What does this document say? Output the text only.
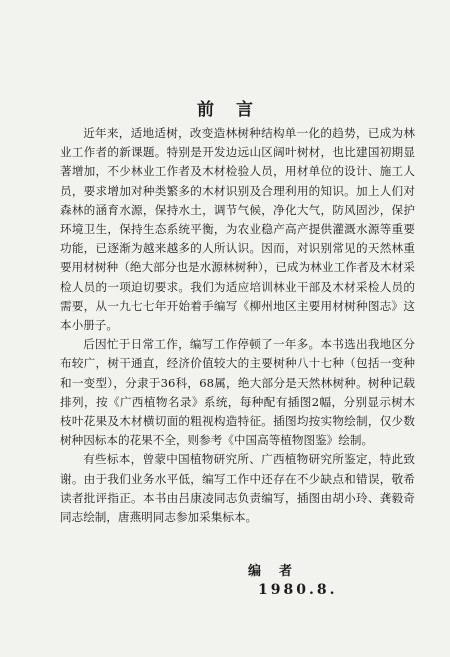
前言

近年来，适地适树，改变造林树种结构单一化的趋势，已成为林业工作者的新课题。特别是开发边远山区阔叶树材，也比建国初期显著增加，不少林业工作者及木材检验人员，用材单位的设计、施工人员，要求增加对种类繁多的木材识别及合理利用的知识。加上人们对森林的涵育水源，保持水土，调节气候，净化大气，防风固沙，保护环境卫生，保持生态系统平衡，为农业稳产高产提供灌溉水源等重要功能，已逐渐为越来越多的人所认识。因而，对识别常见的天然林重要用材树种（绝大部分也是水源林树种），已成为林业工作者及木材采检人员的一项迫切要求。我们为适应培训林业干部及木材采检人员的需要，从一九七七年开始着手编写《柳州地区主要用材树种图志》这本小册子。

后因忙于日常工作，编写工作停顿了一年多。本书选出我地区分布较广，树干通直，经济价值较大的主要树种八十七种（包括一变种和一变型），分隶于36科，68属，绝大部分是天然林树种。树种记载排列，按《广西植物名录》系统，每种配有插图2幅，分别显示树木枝叶花果及木材横切面的粗视构造特征。插图均按实物绘制，仅少数树种因标本的花果不全，则参考《中国高等植物图鉴》绘制。

有些标本，曾蒙中国植物研究所、广西植物研究所鉴定，特此致谢。由于我们业务水平低，编写工作中还存在不少缺点和错误，敬希读者批评指正。本书由吕康凌同志负责编写，插图由胡小玲、龚毅奇同志绘制，唐燕明同志参加采集标本。

编者
1980.8.
